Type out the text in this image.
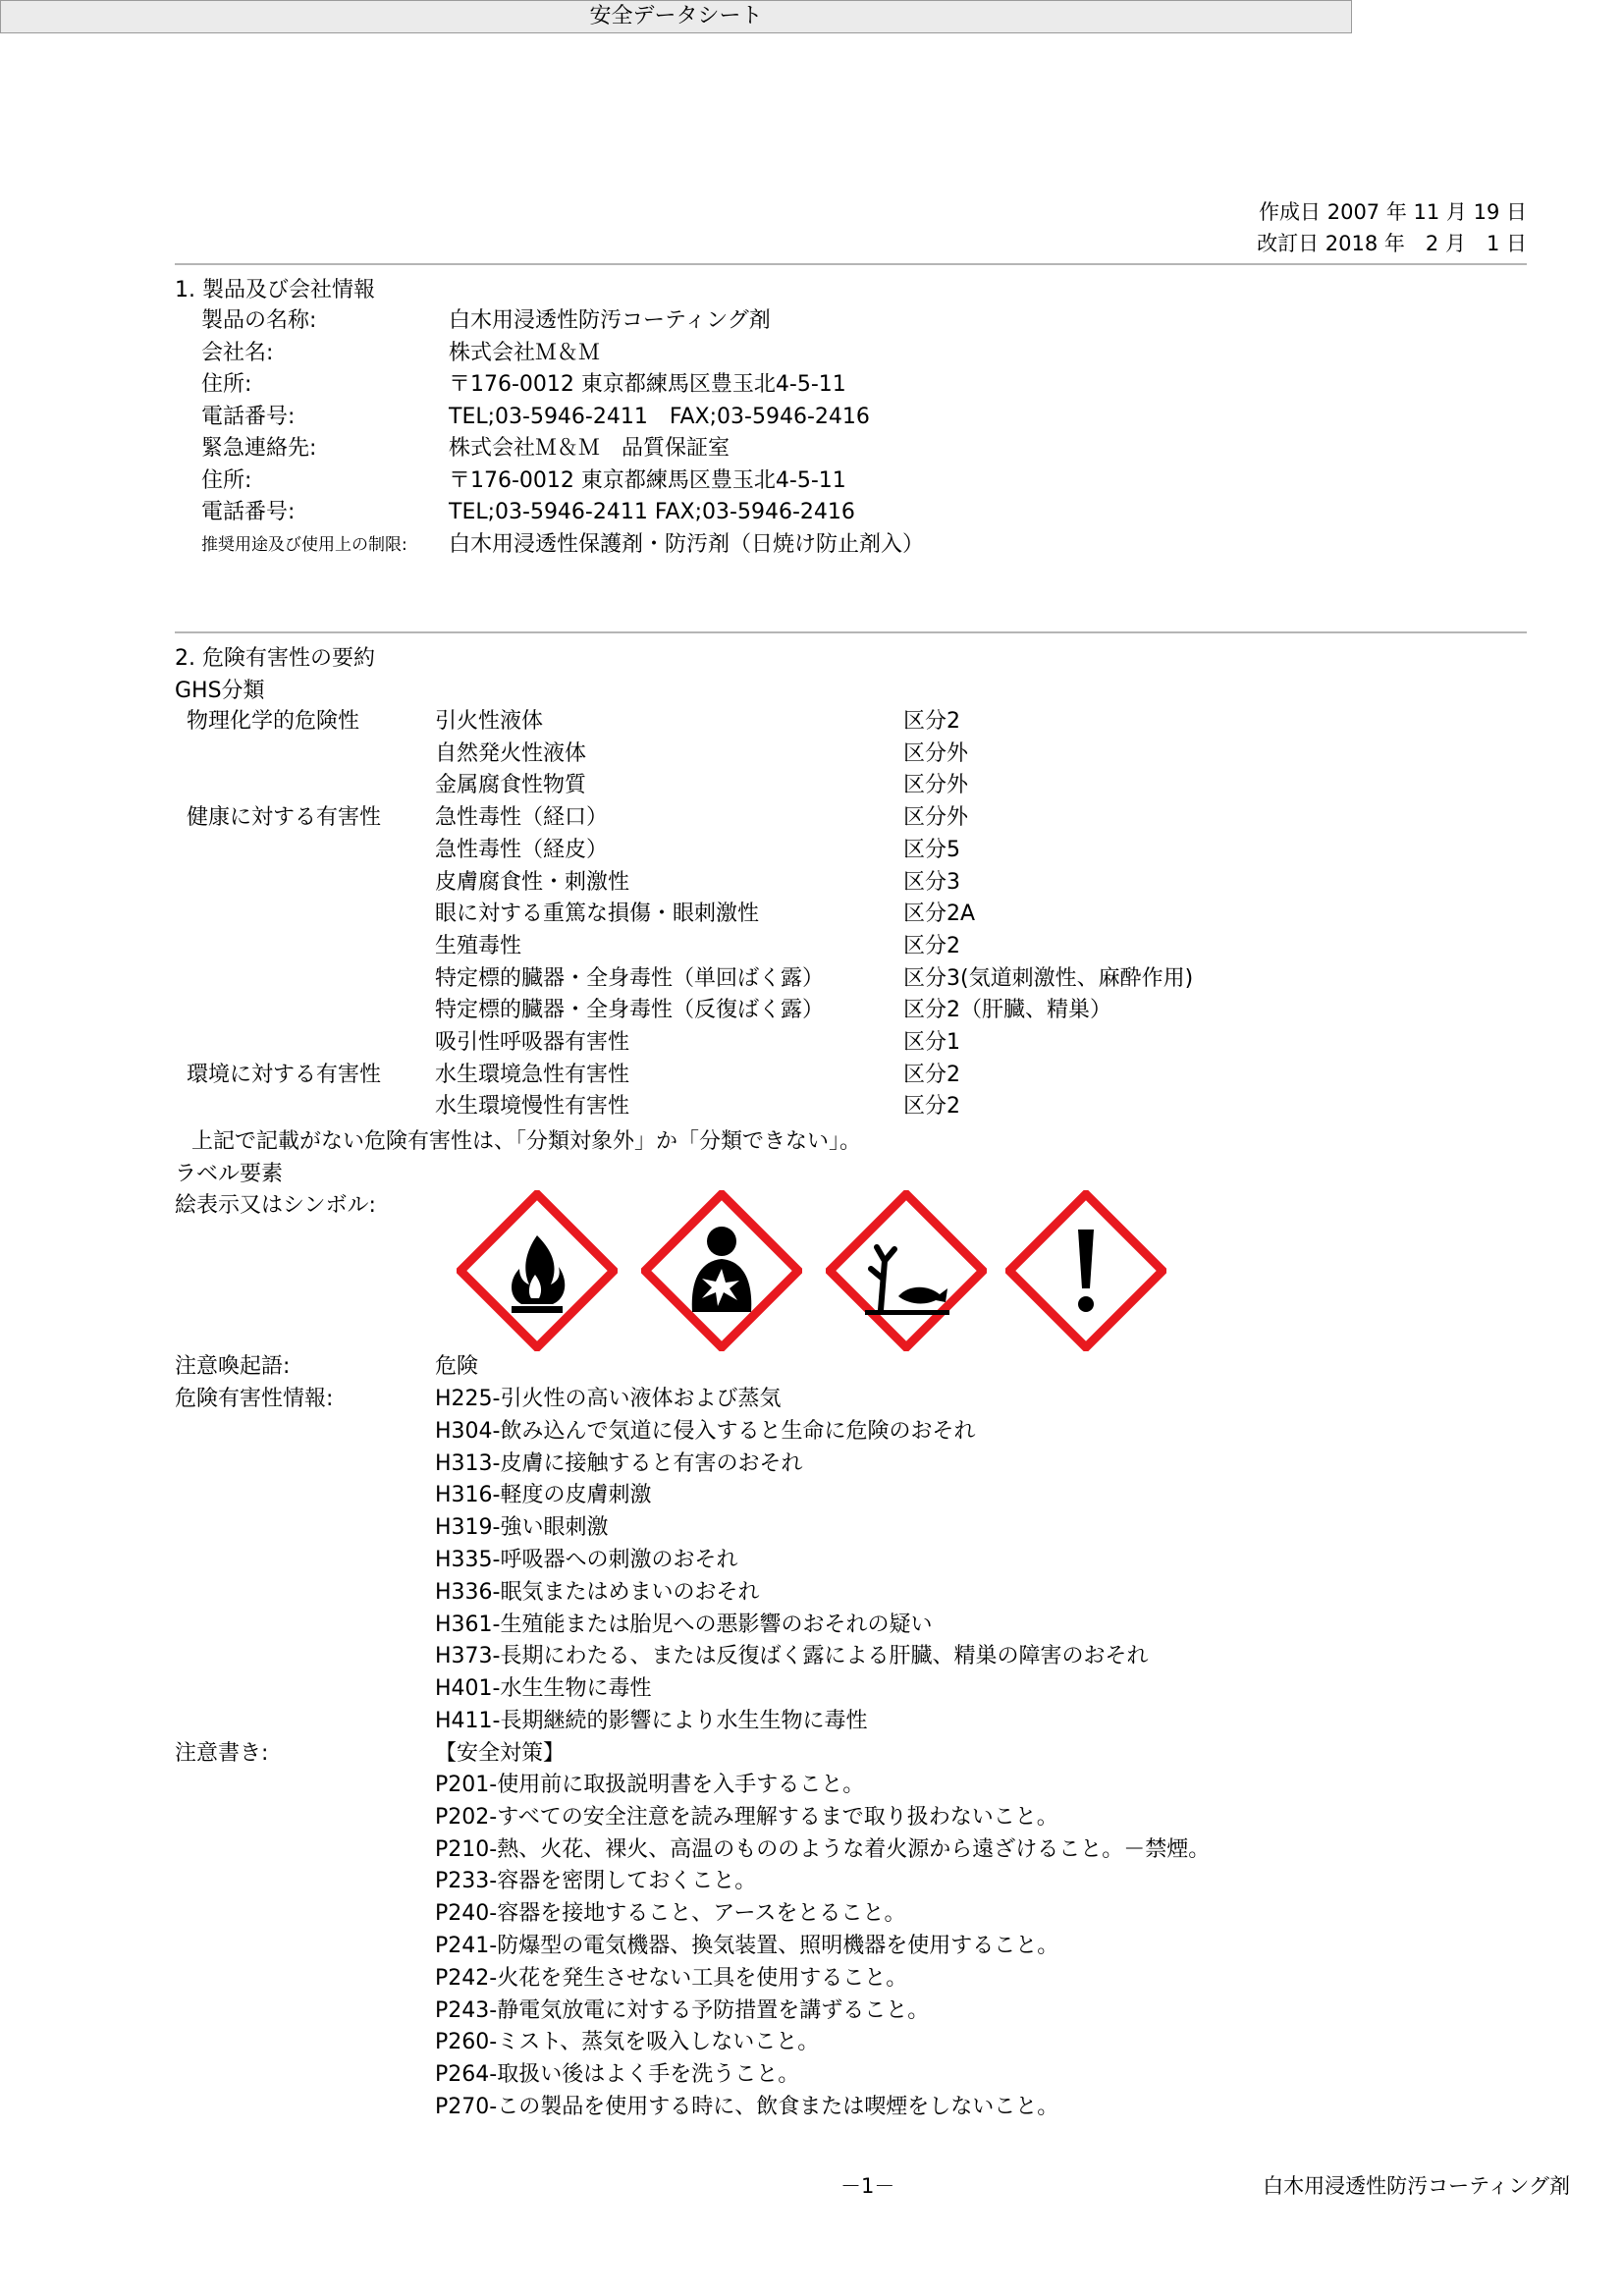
安全データシート
作成日 2007 年 11 月 19 日
改訂日 2018 年　2 月　1 日
1. 製品及び会社情報
製品の名称:	白木用浸透性防汚コーティング剤
会社名:	株式会社Ｍ＆Ｍ
住所:	〒176-0012 東京都練馬区豊玉北4-5-11
電話番号:	TEL;03-5946-2411　FAX;03-5946-2416
緊急連絡先:	株式会社Ｍ＆Ｍ　品質保証室
住所:	〒176-0012 東京都練馬区豊玉北4-5-11
電話番号:	TEL;03-5946-2411 FAX;03-5946-2416
推奨用途及び使用上の制限: 白木用浸透性保護剤・防汚剤（日焼け防止剤入）
2. 危険有害性の要約
GHS分類
物理化学的危険性	引火性液体	区分2
自然発火性液体	区分外
金属腐食性物質	区分外
健康に対する有害性 急性毒性（経口）	区分外
急性毒性（経皮）	区分5
皮膚腐食性・刺激性	区分3
眼に対する重篤な損傷・眼刺激性	区分2A
生殖毒性	区分2
特定標的臓器・全身毒性（単回ばく露）	区分3(気道刺激性、麻酔作用)
特定標的臓器・全身毒性（反復ばく露）	区分2（肝臓、精巣）
吸引性呼吸器有害性	区分1
環境に対する有害性 水生環境急性有害性	区分2
水生環境慢性有害性	区分2
上記で記載がない危険有害性は、「分類対象外」か「分類できない」。
ラベル要素
絵表示又はシンボル:
注意喚起語:	危険
危険有害性情報:	H225-引火性の高い液体および蒸気
H304-飲み込んで気道に侵入すると生命に危険のおそれ
H313-皮膚に接触すると有害のおそれ
H316-軽度の皮膚刺激
H319-強い眼刺激
H335-呼吸器への刺激のおそれ
H336-眠気またはめまいのおそれ
H361-生殖能または胎児への悪影響のおそれの疑い
H373-長期にわたる、または反復ばく露による肝臓、精巣の障害のおそれ
H401-水生生物に毒性
H411-長期継続的影響により水生生物に毒性
注意書き:	【安全対策】
P201-使用前に取扱説明書を入手すること。
P202-すべての安全注意を読み理解するまで取り扱わないこと。
P210-熱、火花、裸火、高温のもののような着火源から遠ざけること。－禁煙。
P233-容器を密閉しておくこと。
P240-容器を接地すること、アースをとること。
P241-防爆型の電気機器、換気装置、照明機器を使用すること。
P242-火花を発生させない工具を使用すること。
P243-静電気放電に対する予防措置を講ずること。
P260-ミスト、蒸気を吸入しないこと。
P264-取扱い後はよく手を洗うこと。
P270-この製品を使用する時に、飲食または喫煙をしないこと。
－1－	白木用浸透性防汚コーティング剤
